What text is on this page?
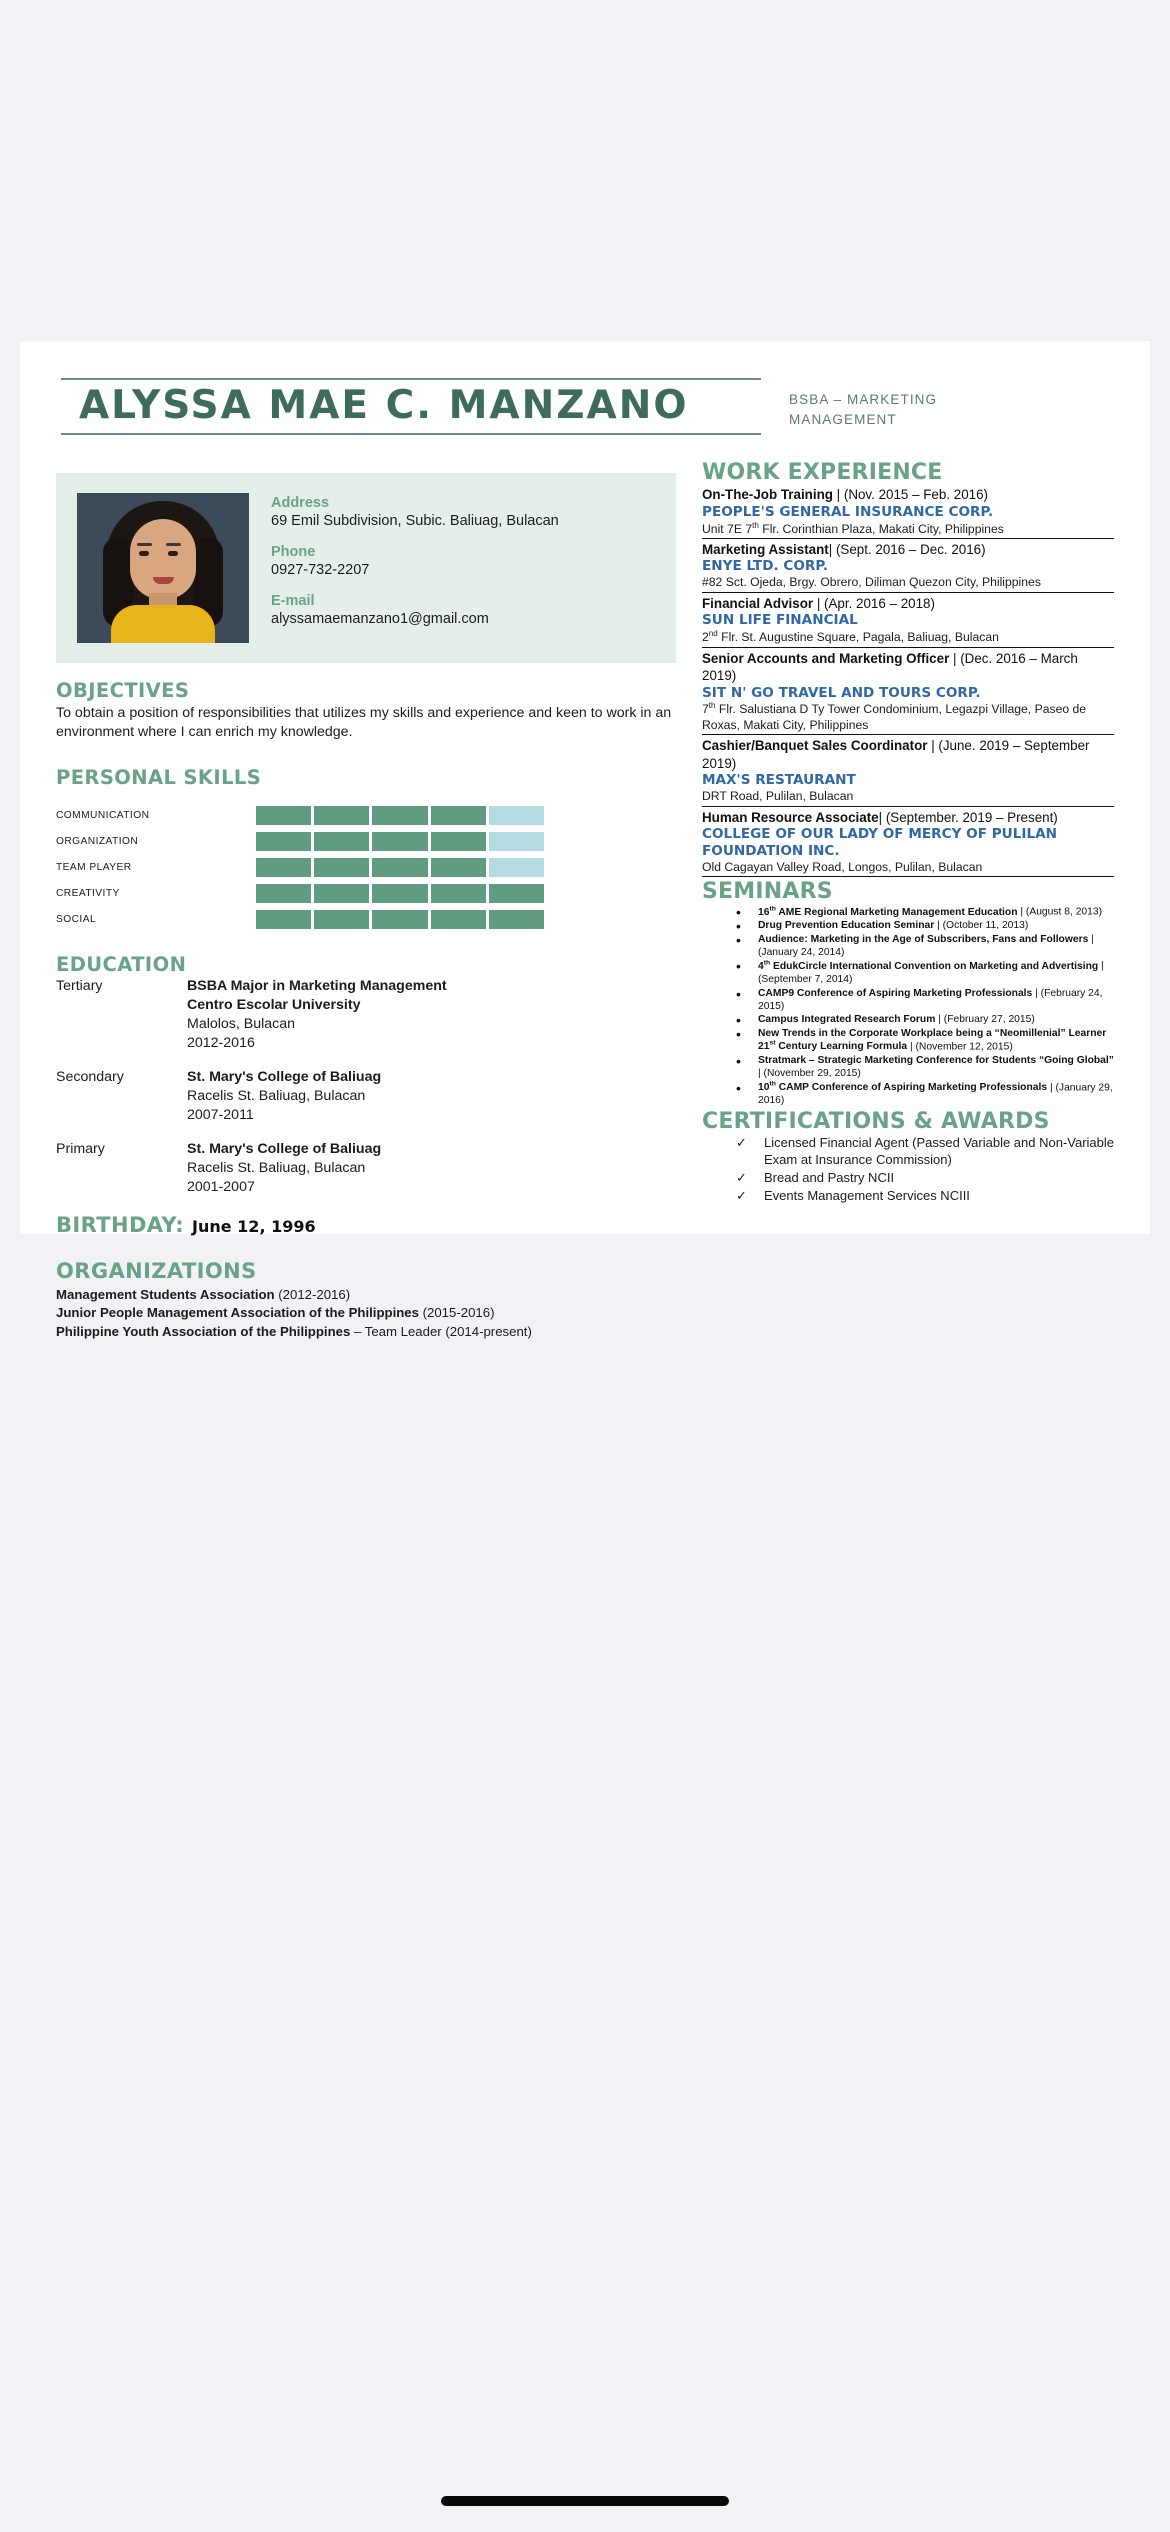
ALYSSA MAE C. MANZANO	BSBA – MARKETING
MANAGEMENT
Address
69 Emil Subdivision, Subic. Baliuag, Bulacan
Phone
0927-732-2207
E-mail
alyssamaemanzano1@gmail.com
OBJECTIVES
To obtain a position of responsibilities that utilizes my skills and experience and keen to work in an environment where I can enrich my knowledge.
PERSONAL SKILLS
COMMUNICATION
ORGANIZATION
TEAM PLAYER
CREATIVITY
SOCIAL
EDUCATION
Tertiary	BSBA Major in Marketing Management
Centro Escolar University
Malolos, Bulacan
2012-2016
Secondary	St. Mary's College of Baliuag
Racelis St. Baliuag, Bulacan
2007-2011
Primary	St. Mary's College of Baliuag
Racelis St. Baliuag, Bulacan
2001-2007
BIRTHDAY: June 12, 1996
ORGANIZATIONS
Management Students Association (2012-2016)
Junior People Management Association of the Philippines (2015-2016)
Philippine Youth Association of the Philippines – Team Leader (2014-present)
WORK EXPERIENCE
On-The-Job Training | (Nov. 2015 – Feb. 2016)
PEOPLE'S GENERAL INSURANCE CORP.
Unit 7E 7th Flr. Corinthian Plaza, Makati City, Philippines
Marketing Assistant| (Sept. 2016 – Dec. 2016)
ENYE LTD. CORP.
#82 Sct. Ojeda, Brgy. Obrero, Diliman Quezon City, Philippines
Financial Advisor | (Apr. 2016 – 2018)
SUN LIFE FINANCIAL
2nd Flr. St. Augustine Square, Pagala, Baliuag, Bulacan
Senior Accounts and Marketing Officer | (Dec. 2016 – March 2019)
SIT N' GO TRAVEL AND TOURS CORP.
7th Flr. Salustiana D Ty Tower Condominium, Legazpi Village, Paseo de Roxas, Makati City, Philippines
Cashier/Banquet Sales Coordinator | (June. 2019 – September 2019)
MAX'S RESTAURANT
DRT Road, Pulilan, Bulacan
Human Resource Associate| (September. 2019 – Present)
COLLEGE OF OUR LADY OF MERCY OF PULILAN FOUNDATION INC.
Old Cagayan Valley Road, Longos, Pulilan, Bulacan
SEMINARS
• 16th AME Regional Marketing Management Education | (August 8, 2013)
• Drug Prevention Education Seminar | (October 11, 2013)
• Audience: Marketing in the Age of Subscribers, Fans and Followers | (January 24, 2014)
• 4th EdukCircle International Convention on Marketing and Advertising | (September 7, 2014)
• CAMP9 Conference of Aspiring Marketing Professionals | (February 24, 2015)
• Campus Integrated Research Forum | (February 27, 2015)
• New Trends in the Corporate Workplace being a “Neomillenial” Learner 21st Century Learning Formula | (November 12, 2015)
• Stratmark – Strategic Marketing Conference for Students “Going Global” | (November 29, 2015)
• 10th CAMP Conference of Aspiring Marketing Professionals | (January 29, 2016)
CERTIFICATIONS & AWARDS
✓ Licensed Financial Agent (Passed Variable and Non-Variable Exam at Insurance Commission)
✓ Bread and Pastry NCII
✓ Events Management Services NCIII
